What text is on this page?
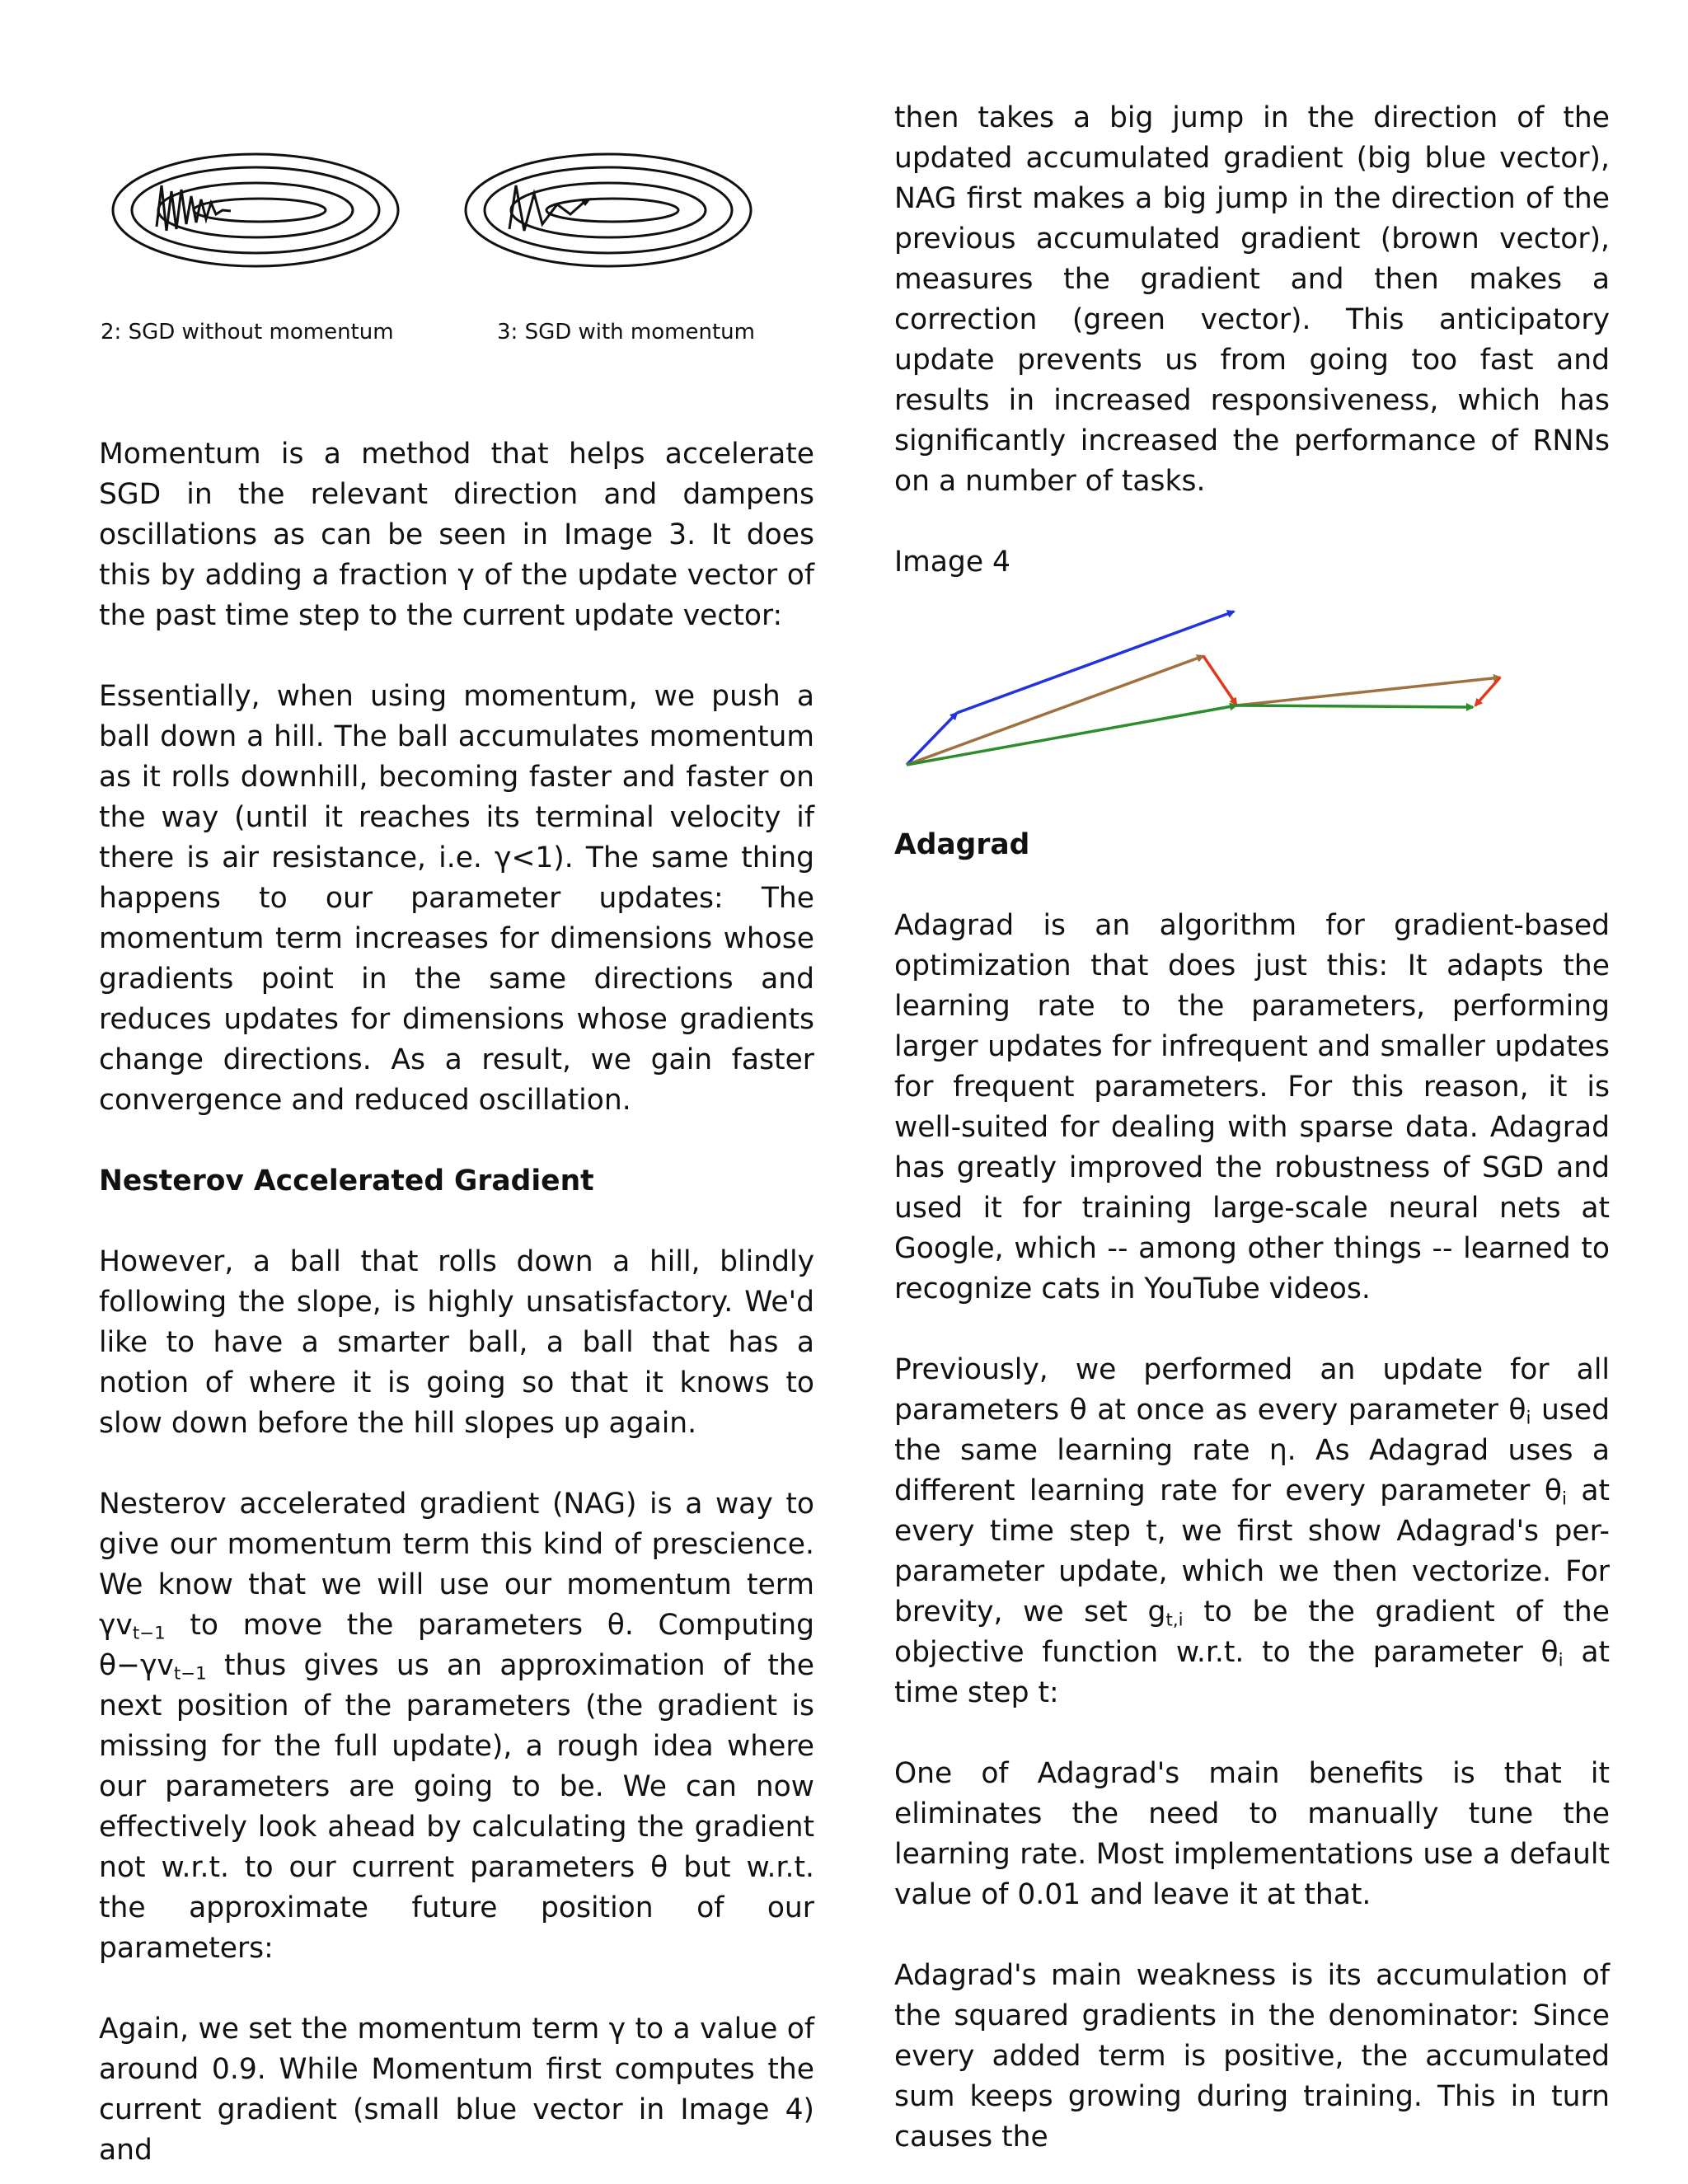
2: SGD without momentum	3: SGD with momentum

Momentum is a method that helps accelerate SGD in the relevant direction and dampens oscillations as can be seen in Image 3. It does this by adding a fraction γ of the update vector of the past time step to the current update vector:

Essentially, when using momentum, we push a ball down a hill. The ball accumulates momentum as it rolls downhill, becoming faster and faster on the way (until it reaches its terminal velocity if there is air resistance, i.e. γ<1). The same thing happens to our parameter updates: The momentum term increases for dimensions whose gradients point in the same directions and reduces updates for dimensions whose gradients change directions. As a result, we gain faster convergence and reduced oscillation.

Nesterov Accelerated Gradient

However, a ball that rolls down a hill, blindly following the slope, is highly unsatisfactory. We'd like to have a smarter ball, a ball that has a notion of where it is going so that it knows to slow down before the hill slopes up again.

Nesterov accelerated gradient (NAG) is a way to give our momentum term this kind of prescience. We know that we will use our momentum term $\gamma v_{t-1}$ to move the parameters θ. Computing $\theta-\gamma v_{t-1}$ thus gives us an approximation of the next position of the parameters (the gradient is missing for the full update), a rough idea where our parameters are going to be. We can now effectively look ahead by calculating the gradient not w.r.t. to our current parameters θ but w.r.t. the approximate future position of our parameters:

Again, we set the momentum term γ to a value of around 0.9. While Momentum first computes the current gradient (small blue vector in Image 4) and

then takes a big jump in the direction of the updated accumulated gradient (big blue vector), NAG first makes a big jump in the direction of the previous accumulated gradient (brown vector), measures the gradient and then makes a correction (green vector). This anticipatory update prevents us from going too fast and results in increased responsiveness, which has significantly increased the performance of RNNs on a number of tasks.

Image 4

Adagrad

Adagrad is an algorithm for gradient-based optimization that does just this: It adapts the learning rate to the parameters, performing larger updates for infrequent and smaller updates for frequent parameters. For this reason, it is well-suited for dealing with sparse data. Adagrad has greatly improved the robustness of SGD and used it for training large-scale neural nets at Google, which -- among other things -- learned to recognize cats in YouTube videos.

Previously, we performed an update for all parameters θ at once as every parameter $\theta_i$ used the same learning rate η. As Adagrad uses a different learning rate for every parameter $\theta_i$ at every time step t, we first show Adagrad's per-parameter update, which we then vectorize. For brevity, we set $g_{t,i}$ to be the gradient of the objective function w.r.t. to the parameter $\theta_i$ at time step t:

One of Adagrad's main benefits is that it eliminates the need to manually tune the learning rate. Most implementations use a default value of 0.01 and leave it at that.

Adagrad's main weakness is its accumulation of the squared gradients in the denominator: Since every added term is positive, the accumulated sum keeps growing during training. This in turn causes the
